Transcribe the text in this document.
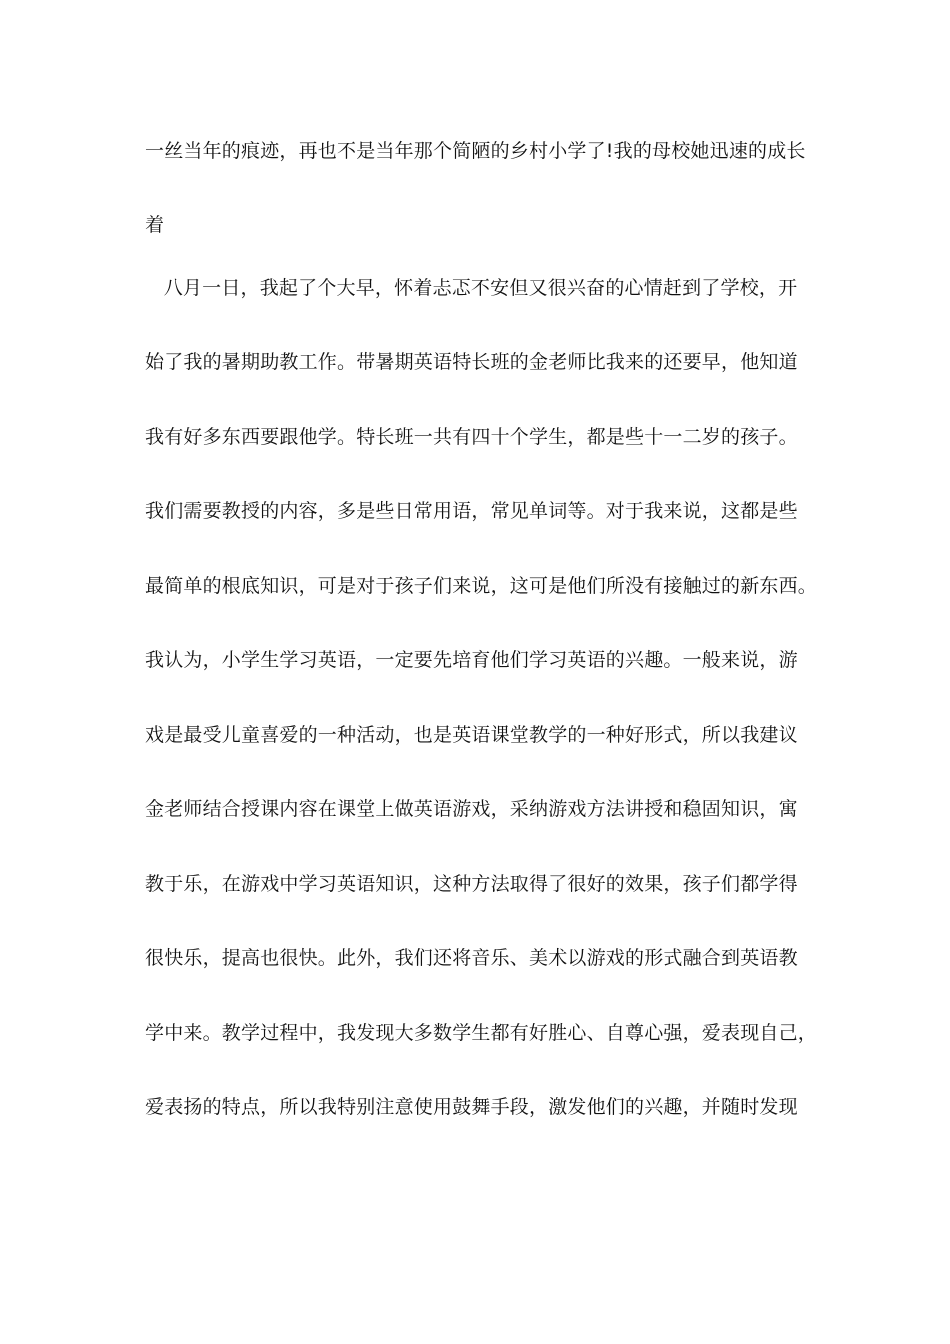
一丝当年的痕迹，再也不是当年那个简陋的乡村小学了!我的母校她迅速的成长
着
八月一日，我起了个大早，怀着忐忑不安但又很兴奋的心情赶到了学校，开
始了我的暑期助教工作。带暑期英语特长班的金老师比我来的还要早，他知道
我有好多东西要跟他学。特长班一共有四十个学生，都是些十一二岁的孩子。
我们需要教授的内容，多是些日常用语，常见单词等。对于我来说，这都是些
最简单的根底知识，可是对于孩子们来说，这可是他们所没有接触过的新东西。
我认为，小学生学习英语，一定要先培育他们学习英语的兴趣。一般来说，游
戏是最受儿童喜爱的一种活动，也是英语课堂教学的一种好形式，所以我建议
金老师结合授课内容在课堂上做英语游戏，采纳游戏方法讲授和稳固知识，寓
教于乐，在游戏中学习英语知识，这种方法取得了很好的效果，孩子们都学得
很快乐，提高也很快。此外，我们还将音乐、美术以游戏的形式融合到英语教
学中来。教学过程中，我发现大多数学生都有好胜心、自尊心强，爱表现自己，
爱表扬的特点，所以我特别注意使用鼓舞手段，激发他们的兴趣，并随时发现
